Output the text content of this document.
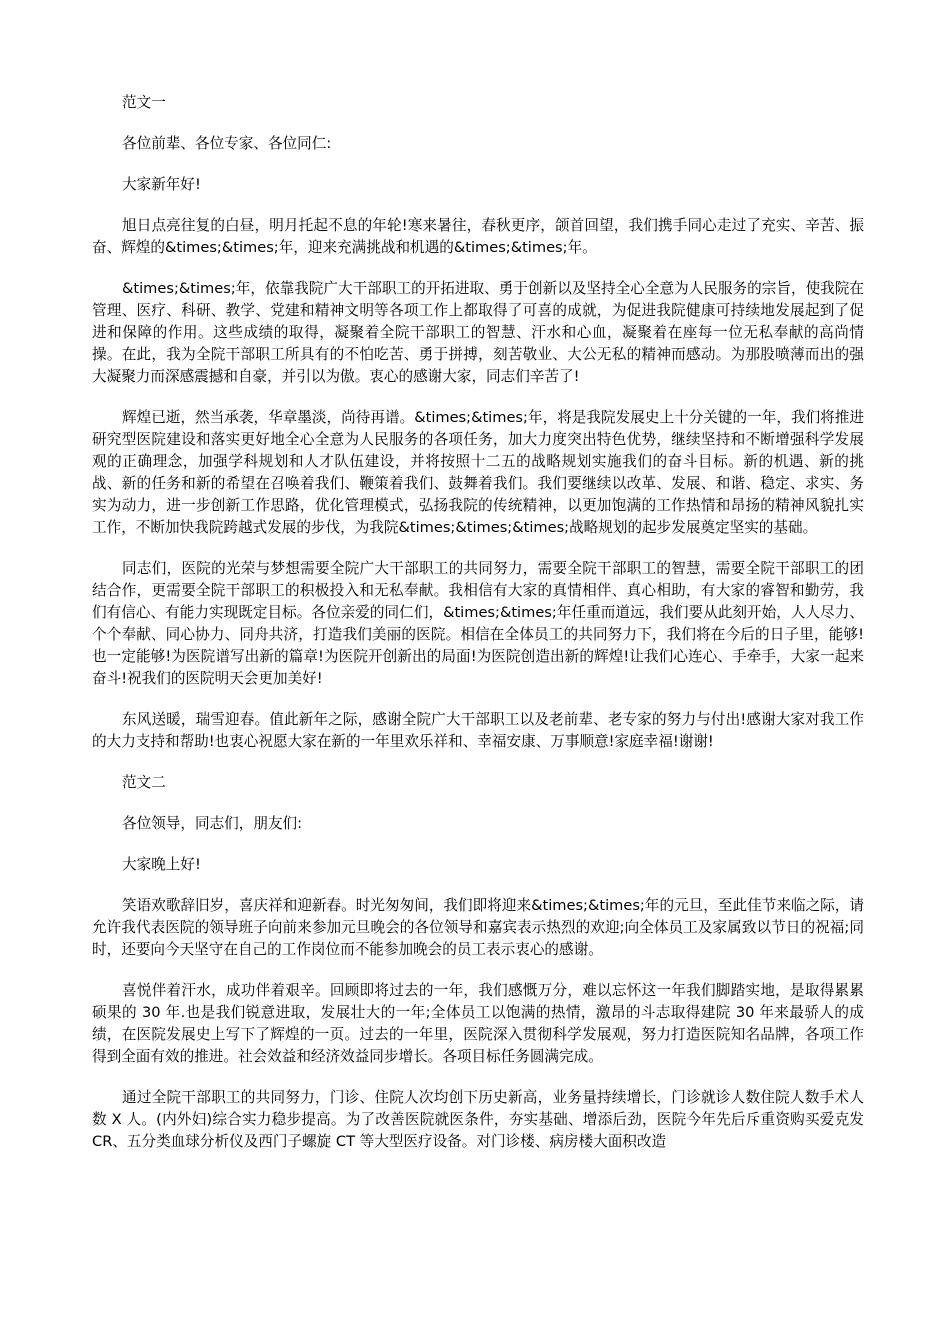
范文一

各位前辈、各位专家、各位同仁:

大家新年好!

旭日点亮往复的白昼，明月托起不息的年轮!寒来暑往，春秋更序，颌首回望，我们携手同心走过了充实、辛苦、振奋、辉煌的&times;&times;年，迎来充满挑战和机遇的&times;&times;年。

&times;&times;年，依靠我院广大干部职工的开拓进取、勇于创新以及坚持全心全意为人民服务的宗旨，使我院在管理、医疗、科研、教学、党建和精神文明等各项工作上都取得了可喜的成就，为促进我院健康可持续地发展起到了促进和保障的作用。这些成绩的取得，凝聚着全院干部职工的智慧、汗水和心血，凝聚着在座每一位无私奉献的高尚情操。在此，我为全院干部职工所具有的不怕吃苦、勇于拼搏，刻苦敬业、大公无私的精神而感动。为那股喷薄而出的强大凝聚力而深感震撼和自豪，并引以为傲。衷心的感谢大家，同志们辛苦了!

辉煌已逝，然当承袭，华章墨淡，尚待再谱。&times;&times;年，将是我院发展史上十分关键的一年，我们将推进研究型医院建设和落实更好地全心全意为人民服务的各项任务，加大力度突出特色优势，继续坚持和不断增强科学发展观的正确理念，加强学科规划和人才队伍建设，并将按照十二五的战略规划实施我们的奋斗目标。新的机遇、新的挑战、新的任务和新的希望在召唤着我们、鞭策着我们、鼓舞着我们。我们要继续以改革、发展、和谐、稳定、求实、务实为动力，进一步创新工作思路，优化管理模式，弘扬我院的传统精神，以更加饱满的工作热情和昂扬的精神风貌扎实工作，不断加快我院跨越式发展的步伐，为我院&times;&times;&times;战略规划的起步发展奠定坚实的基础。

同志们，医院的光荣与梦想需要全院广大干部职工的共同努力，需要全院干部职工的智慧，需要全院干部职工的团结合作，更需要全院干部职工的积极投入和无私奉献。我相信有大家的真情相伴、真心相助，有大家的睿智和勤劳，我们有信心、有能力实现既定目标。各位亲爱的同仁们，&times;&times;年任重而道远，我们要从此刻开始，人人尽力、个个奉献、同心协力、同舟共济，打造我们美丽的医院。相信在全体员工的共同努力下，我们将在今后的日子里，能够!也一定能够!为医院谱写出新的篇章!为医院开创新出的局面!为医院创造出新的辉煌!让我们心连心、手牵手，大家一起来奋斗!祝我们的医院明天会更加美好!

东风送暖，瑞雪迎春。值此新年之际，感谢全院广大干部职工以及老前辈、老专家的努力与付出!感谢大家对我工作的大力支持和帮助!也衷心祝愿大家在新的一年里欢乐祥和、幸福安康、万事顺意!家庭幸福!谢谢!

范文二

各位领导，同志们，朋友们:

大家晚上好!

笑语欢歌辞旧岁，喜庆祥和迎新春。时光匆匆间，我们即将迎来&times;&times;年的元旦，至此佳节来临之际，请允许我代表医院的领导班子向前来参加元旦晚会的各位领导和嘉宾表示热烈的欢迎;向全体员工及家属致以节日的祝福;同时，还要向今天坚守在自己的工作岗位而不能参加晚会的员工表示衷心的感谢。

喜悦伴着汗水，成功伴着艰辛。回顾即将过去的一年，我们感慨万分，难以忘怀这一年我们脚踏实地，是取得累累硕果的 30 年.也是我们锐意进取，发展壮大的一年;全体员工以饱满的热情，激昂的斗志取得建院 30 年来最骄人的成绩，在医院发展史上写下了辉煌的一页。过去的一年里，医院深入贯彻科学发展观，努力打造医院知名品牌，各项工作得到全面有效的推进。社会效益和经济效益同步增长。各项目标任务圆满完成。

通过全院干部职工的共同努力，门诊、住院人次均创下历史新高，业务量持续增长，门诊就诊人数住院人数手术人数 X 人。(内外妇)综合实力稳步提高。为了改善医院就医条件，夯实基础、增添后劲，医院今年先后斥重资购买爱克发 CR、五分类血球分析仪及西门子螺旋 CT 等大型医疗设备。对门诊楼、病房楼大面积改造
